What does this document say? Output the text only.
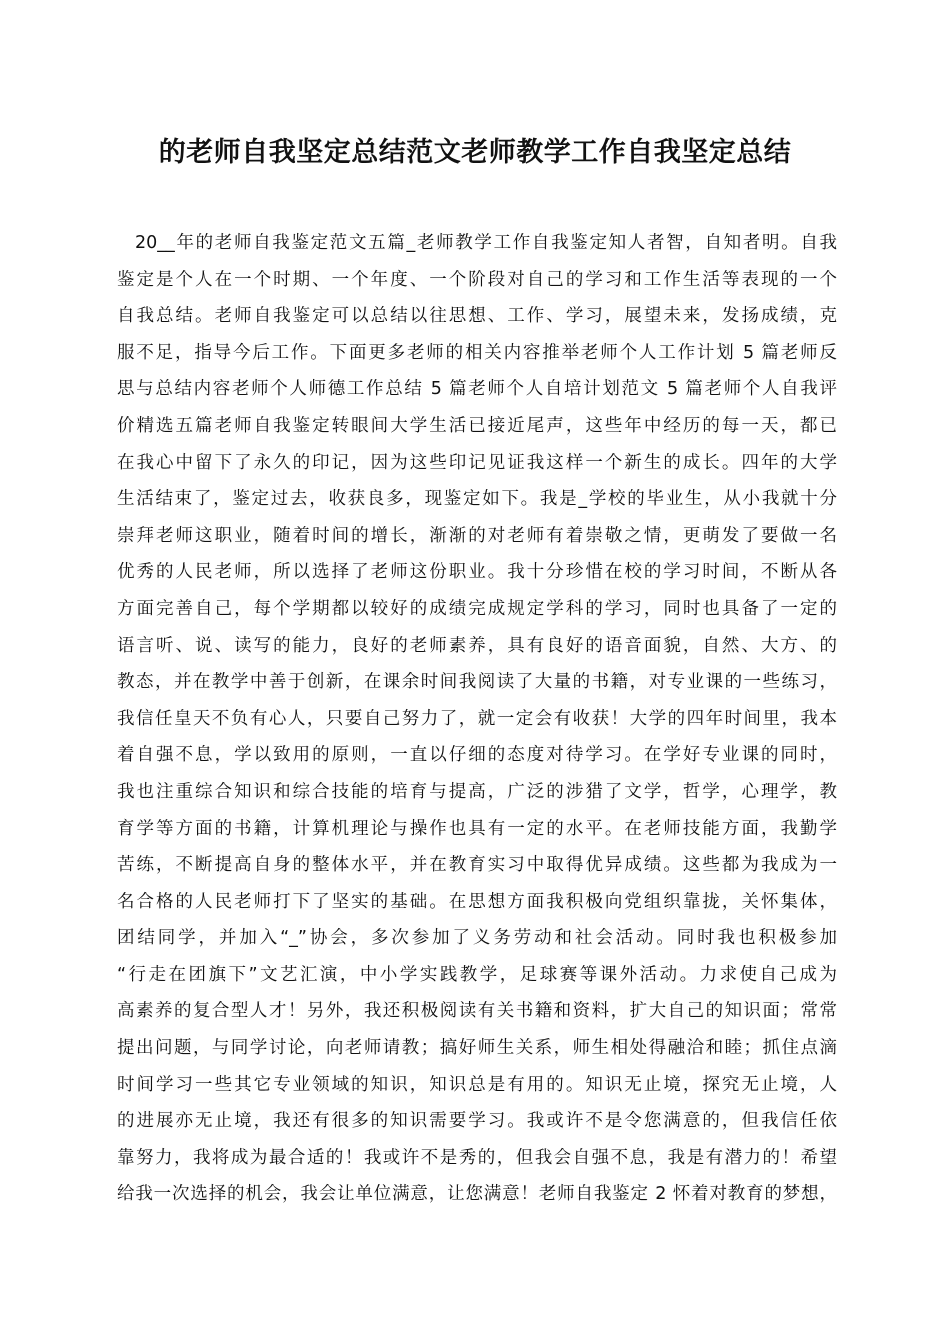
的老师自我坚定总结范文老师教学工作自我坚定总结
20__年的老师自我鉴定范文五篇_老师教学工作自我鉴定知人者智，自知者明。自我
鉴定是个人在一个时期、一个年度、一个阶段对自己的学习和工作生活等表现的一个
自我总结。老师自我鉴定可以总结以往思想、工作、学习，展望未来，发扬成绩，克
服不足，指导今后工作。下面更多老师的相关内容推举老师个人工作计划 5 篇老师反
思与总结内容老师个人师德工作总结 5 篇老师个人自培计划范文 5 篇老师个人自我评
价精选五篇老师自我鉴定转眼间大学生活已接近尾声，这些年中经历的每一天，都已
在我心中留下了永久的印记，因为这些印记见证我这样一个新生的成长。四年的大学
生活结束了，鉴定过去，收获良多，现鉴定如下。我是_学校的毕业生，从小我就十分
崇拜老师这职业，随着时间的增长，渐渐的对老师有着崇敬之情，更萌发了要做一名
优秀的人民老师，所以选择了老师这份职业。我十分珍惜在校的学习时间，不断从各
方面完善自己，每个学期都以较好的成绩完成规定学科的学习，同时也具备了一定的
语言听、说、读写的能力，良好的老师素养，具有良好的语音面貌，自然、大方、的
教态，并在教学中善于创新，在课余时间我阅读了大量的书籍，对专业课的一些练习，
我信任皇天不负有心人，只要自己努力了，就一定会有收获！大学的四年时间里，我本
着自强不息，学以致用的原则，一直以仔细的态度对待学习。在学好专业课的同时，
我也注重综合知识和综合技能的培育与提高，广泛的涉猎了文学，哲学，心理学，教
育学等方面的书籍，计算机理论与操作也具有一定的水平。在老师技能方面，我勤学
苦练，不断提高自身的整体水平，并在教育实习中取得优异成绩。这些都为我成为一
名合格的人民老师打下了坚实的基础。在思想方面我积极向党组织靠拢，关怀集体，
团结同学，并加入“_”协会，多次参加了义务劳动和社会活动。同时我也积极参加
“行走在团旗下”文艺汇演，中小学实践教学，足球赛等课外活动。力求使自己成为
高素养的复合型人才！另外，我还积极阅读有关书籍和资料，扩大自己的知识面；常常
提出问题，与同学讨论，向老师请教；搞好师生关系，师生相处得融洽和睦；抓住点滴
时间学习一些其它专业领域的知识，知识总是有用的。知识无止境，探究无止境，人
的进展亦无止境，我还有很多的知识需要学习。我或许不是令您满意的，但我信任依
靠努力，我将成为最合适的！我或许不是秀的，但我会自强不息，我是有潜力的！希望
给我一次选择的机会，我会让单位满意，让您满意！老师自我鉴定 2 怀着对教育的梦想，
